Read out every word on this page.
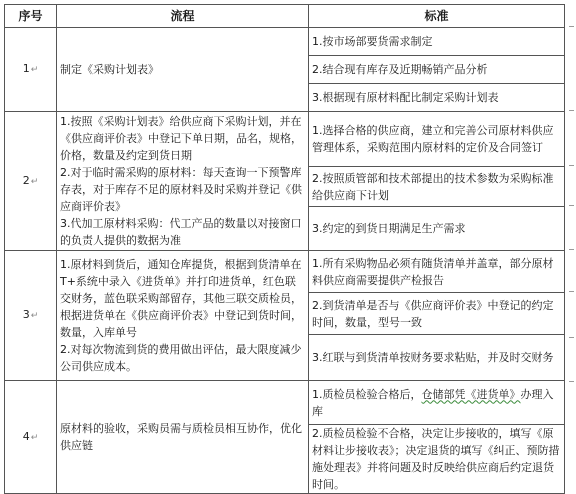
序号	流程	标准
1↵	制定《采购计划表》	1.按市场部要货需求制定
		2.结合现有库存及近期畅销产品分析
		3.根据现有原材料配比制定采购计划表
2↵	1.按照《采购计划表》给供应商下采购计划，并在《供应商评价表》中登记下单日期，品名，规格，价格，数量及约定到货日期
2.对于临时需采购的原材料：每天查询一下预警库存表，对于库存不足的原材料及时采购并登记《供应商评价表》
3.代加工原材料采购：代工产品的数量以对接窗口的负责人提供的数据为准	1.选择合格的供应商，建立和完善公司原材料供应管理体系，采购范围内原材料的定价及合同签订
		2.按照质管部和技术部提出的技术参数为采购标准给供应商下计划
		3.约定的到货日期满足生产需求
3↵	1.原材料到货后，通知仓库提货，根据到货清单在T+系统中录入《进货单》并打印进货单，红色联交财务，蓝色联采购部留存，其他三联交质检员，根据进货单在《供应商评价表》中登记到货时间，数量，入库单号
2.对每次物流到货的费用做出评估，最大限度减少公司供应成本。	1.所有采购物品必须有随货清单并盖章，部分原材料供应商需要提供产检报告
		2.到货清单是否与《供应商评价表》中登记的约定时间，数量，型号一致
		3.红联与到货清单按财务要求粘贴，并及时交财务
4↵	原材料的验收，采购员需与质检员相互协作，优化供应链	1.质检员检验合格后，仓储部凭《进货单》办理入库
		2.质检员检验不合格，决定让步接收的，填写《原材料让步接收表》；决定退货的填写《纠正、预防措施处理表》并将问题及时反映给供应商后约定退货时间。
